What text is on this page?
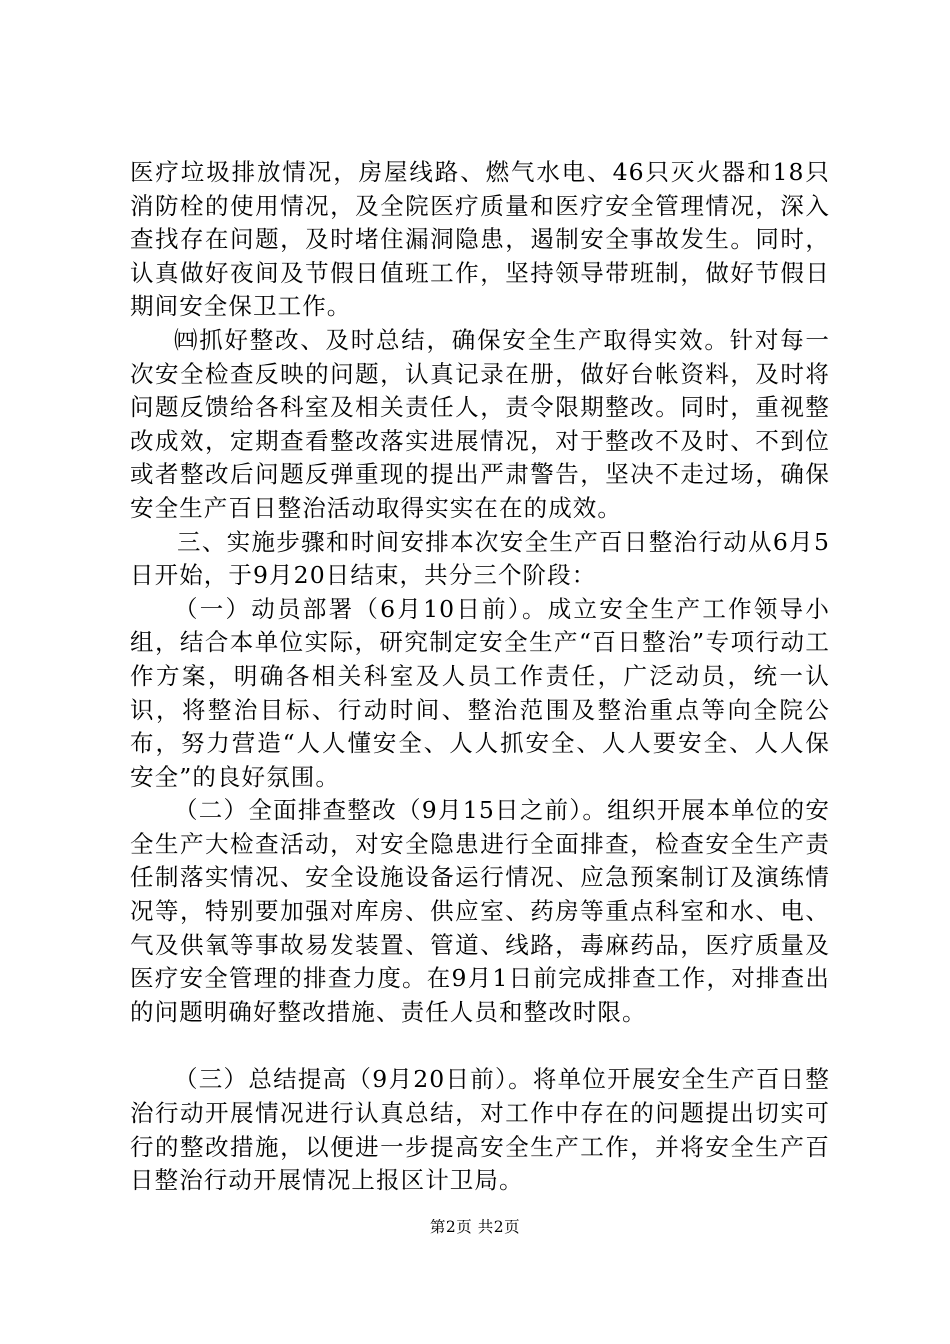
医疗垃圾排放情况，房屋线路、燃气水电、46只灭火器和18只消防栓的使用情况，及全院医疗质量和医疗安全管理情况，深入查找存在问题，及时堵住漏洞隐患，遏制安全事故发生。同时，认真做好夜间及节假日值班工作，坚持领导带班制，做好节假日期间安全保卫工作。

㈣抓好整改、及时总结，确保安全生产取得实效。针对每一次安全检查反映的问题，认真记录在册，做好台帐资料，及时将问题反馈给各科室及相关责任人，责令限期整改。同时，重视整改成效，定期查看整改落实进展情况，对于整改不及时、不到位或者整改后问题反弹重现的提出严肃警告，坚决不走过场，确保安全生产百日整治活动取得实实在在的成效。

三、实施步骤和时间安排本次安全生产百日整治行动从6月5日开始，于9月20日结束，共分三个阶段：

（一）动员部署（6月10日前）。成立安全生产工作领导小组，结合本单位实际，研究制定安全生产“百日整治”专项行动工作方案，明确各相关科室及人员工作责任，广泛动员，统一认识，将整治目标、行动时间、整治范围及整治重点等向全院公布，努力营造“人人懂安全、人人抓安全、人人要安全、人人保安全”的良好氛围。

（二）全面排查整改（9月15日之前）。组织开展本单位的安全生产大检查活动，对安全隐患进行全面排查，检查安全生产责任制落实情况、安全设施设备运行情况、应急预案制订及演练情况等，特别要加强对库房、供应室、药房等重点科室和水、电、气及供氧等事故易发装置、管道、线路，毒麻药品，医疗质量及医疗安全管理的排查力度。在9月1日前完成排查工作，对排查出的问题明确好整改措施、责任人员和整改时限。

（三）总结提高（9月20日前）。将单位开展安全生产百日整治行动开展情况进行认真总结，对工作中存在的问题提出切实可行的整改措施，以便进一步提高安全生产工作，并将安全生产百日整治行动开展情况上报区计卫局。

第2页 共2页
